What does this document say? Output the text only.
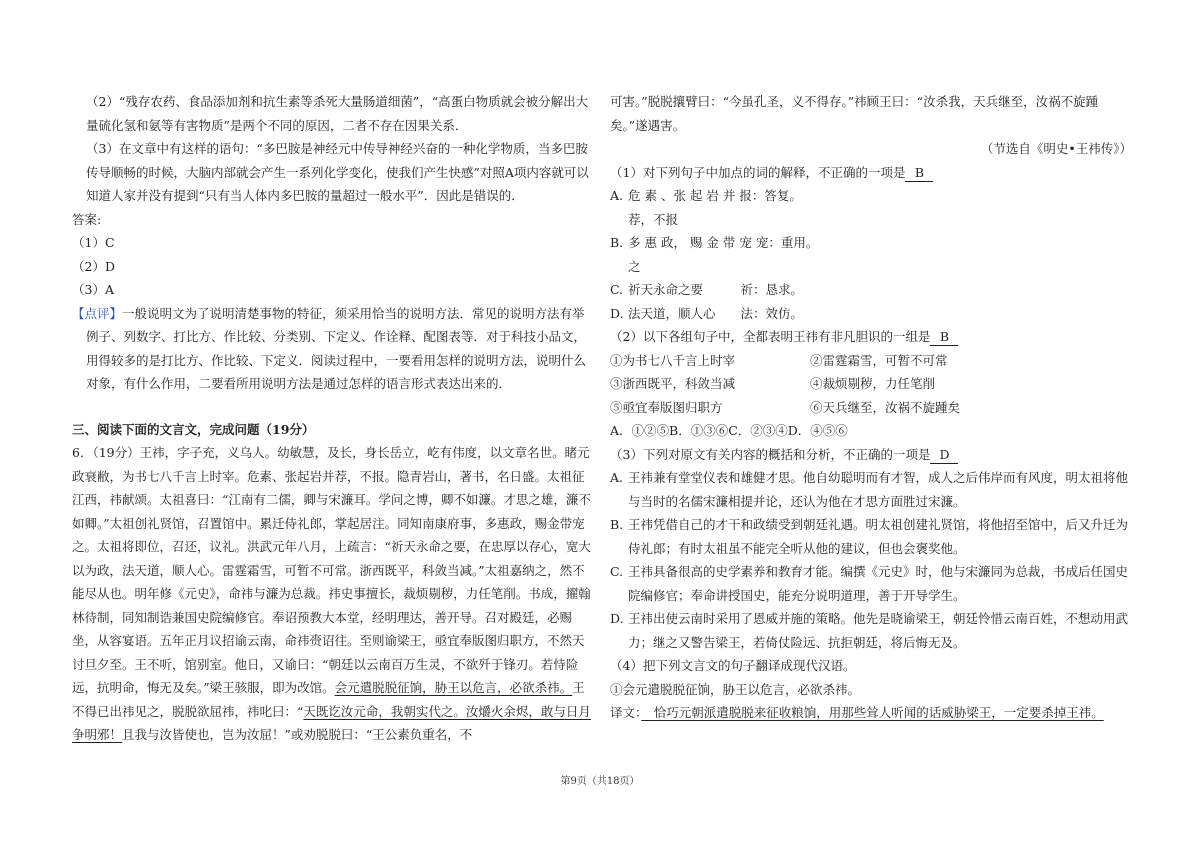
（2）“残存农药、食品添加剂和抗生素等杀死大量肠道细菌”，“高蛋白物质就会被分解出大量硫化氢和氨等有害物质”是两个不同的原因，二者不存在因果关系．

（3）在文章中有这样的语句：“多巴胺是神经元中传导神经兴奋的一种化学物质，当多巴胺传导顺畅的时候，大脑内部就会产生一系列化学变化，使我们产生快感”对照A项内容就可以知道人家并没有提到“只有当人体内多巴胺的量超过一般水平”．因此是错误的．

答案:

（1）C

（2）D

（3）A

【点评】一般说明文为了说明清楚事物的特征，须采用恰当的说明方法．常见的说明方法有举例子、列数字、打比方、作比较、分类别、下定义、作诠释、配图表等．对于科技小品文，用得较多的是打比方、作比较、下定义．阅读过程中，一要看用怎样的说明方法，说明什么对象，有什么作用，二要看所用说明方法是通过怎样的语言形式表达出来的．

三、阅读下面的文言文，完成问题（19分）

6．（19分）王祎，字子充，义乌人。幼敏慧，及长，身长岳立，屹有伟度，以文章名世。睹元政衰敝，为书七八千言上时宰。危素、张起岩并荐，不报。隐青岩山，著书，名日盛。太祖征江西，祎献颂。太祖喜曰：“江南有二儒，卿与宋濂耳。学问之博，卿不如濂。才思之雄，濂不如卿。”太祖创礼贤馆，召置馆中。累迁侍礼郎，掌起居注。同知南康府事，多惠政，赐金带宠之。太祖将即位，召还，议礼。洪武元年八月，上疏言：“祈天永命之要，在忠厚以存心，宽大以为政，法天道，顺人心。雷霆霜雪，可暂不可常。浙西既平，科敛当减。”太祖嘉纳之，然不能尽从也。明年修《元史》，命祎与濂为总裁。祎史事擅长，裁烦剔秽，力任笔削。书成，擢翰林待制，同知制诰兼国史院编修官。奉诏预教大本堂，经明理达，善开导。召对殿廷，必赐坐，从容宴语。五年正月议招谕云南，命祎赍诏往。至则谕梁王，亟宜奉版图归职方，不然天讨旦夕至。王不听，馆别室。他日，又谕曰：“朝廷以云南百万生灵，不欲歼于锋刃。若恃险远，抗明命，悔无及矣。”梁王骇服，即为改馆。会元遣脱脱征饷，胁王以危言，必欲杀祎。王不得已出祎见之，脱脱欲屈祎，祎叱曰：“天既讫汝元命，我朝实代之。汝爝火余烬，敢与日月争明邪！且我与汝皆使也，岂为汝屈！”或劝脱脱曰：“王公素负重名，不

可害。”脱脱攘臂曰：“今虽孔圣，义不得存。”祎顾王曰：“汝杀我，天兵继至，汝祸不旋踵矣。”遂遇害。

（节选自《明史•王祎传》）

（1）对下列句子中加点的词的解释，不正确的一项是 B

A. 危 素 、张 起 岩 并 报：答复。
荐，不报
B. 多 惠 政， 赐 金 带 宠 宠：重用。
之
C. 祈天永命之要　　　祈：恳求。
D. 法天道，顺人心　　法：效仿。

（2）以下各组句子中，全都表明王祎有非凡胆识的一组是 B

①为书七八千言上时宰	②雷霆霜雪，可暂不可常
③浙西既平，科敛当减	④裁烦剔秽，力任笔削
⑤亟宜奉版图归职方	⑥天兵继至，汝祸不旋踵矣

A．①②⑤B．①③⑥C．②③④D．④⑤⑥

（3）下列对原文有关内容的概括和分析，不正确的一项是 D

A. 王祎兼有堂堂仪表和雄健才思。他自幼聪明而有才智，成人之后伟岸而有风度，明太祖将他与当时的名儒宋濂相提并论，还认为他在才思方面胜过宋濂。
B. 王祎凭借自己的才干和政绩受到朝廷礼遇。明太祖创建礼贤馆，将他招至馆中，后又升迁为侍礼郎；有时太祖虽不能完全听从他的建议，但也会褒奖他。
C. 王祎具备很高的史学素养和教育才能。编撰《元史》时，他与宋濂同为总裁，书成后任国史院编修官；奉命讲授国史，能充分说明道理，善于开导学生。
D. 王祎出使云南时采用了恩威并施的策略。他先是晓谕梁王，朝廷怜惜云南百姓，不想动用武力；继之又警告梁王，若倚仗险远、抗拒朝廷，将后悔无及。

（4）把下列文言文的句子翻译成现代汉语。

①会元遣脱脱征饷，胁王以危言，必欲杀祎。

译文：　恰巧元朝派遣脱脱来征收粮饷，用那些耸人听闻的话威胁梁王，一定要杀掉王祎。

第9页（共18页）
